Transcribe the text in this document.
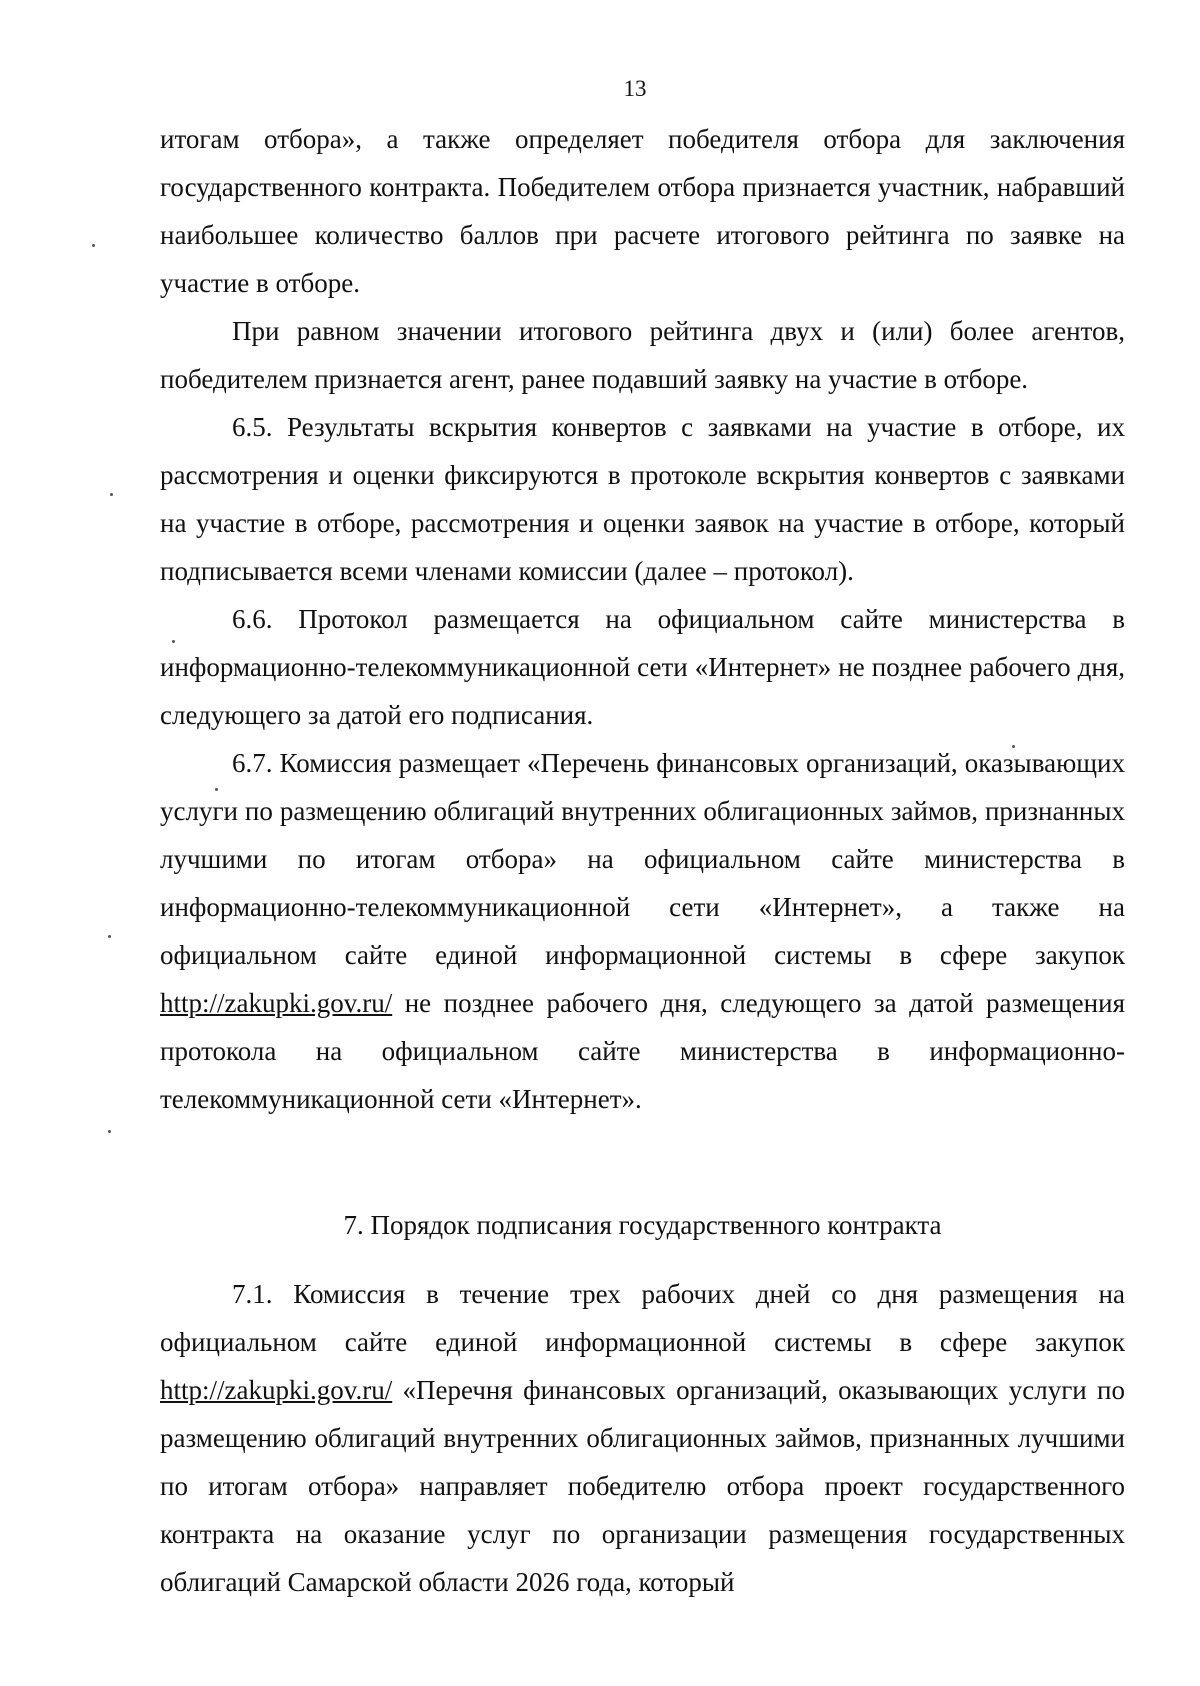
13

итогам отбора», а также определяет победителя отбора для заключения государственного контракта. Победителем отбора признается участник, набравший наибольшее количество баллов при расчете итогового рейтинга по заявке на участие в отборе.

При равном значении итогового рейтинга двух и (или) более агентов, победителем признается агент, ранее подавший заявку на участие в отборе.

6.5. Результаты вскрытия конвертов с заявками на участие в отборе, их рассмотрения и оценки фиксируются в протоколе вскрытия конвертов с заявками на участие в отборе, рассмотрения и оценки заявок на участие в отборе, который подписывается всеми членами комиссии (далее – протокол).

6.6. Протокол размещается на официальном сайте министерства в информационно-телекоммуникационной сети «Интернет» не позднее рабочего дня, следующего за датой его подписания.

6.7. Комиссия размещает «Перечень финансовых организаций, оказывающих услуги по размещению облигаций внутренних облигационных займов, признанных лучшими по итогам отбора» на официальном сайте министерства в информационно-телекоммуникационной сети «Интернет», а также на официальном сайте единой информационной системы в сфере закупок http://zakupki.gov.ru/ не позднее рабочего дня, следующего за датой размещения протокола на официальном сайте министерства в информационно-телекоммуникационной сети «Интернет».

7. Порядок подписания государственного контракта

7.1. Комиссия в течение трех рабочих дней со дня размещения на официальном сайте единой информационной системы в сфере закупок http://zakupki.gov.ru/ «Перечня финансовых организаций, оказывающих услуги по размещению облигаций внутренних облигационных займов, признанных лучшими по итогам отбора» направляет победителю отбора проект государственного контракта на оказание услуг по организации размещения государственных облигаций Самарской области 2026 года, который
